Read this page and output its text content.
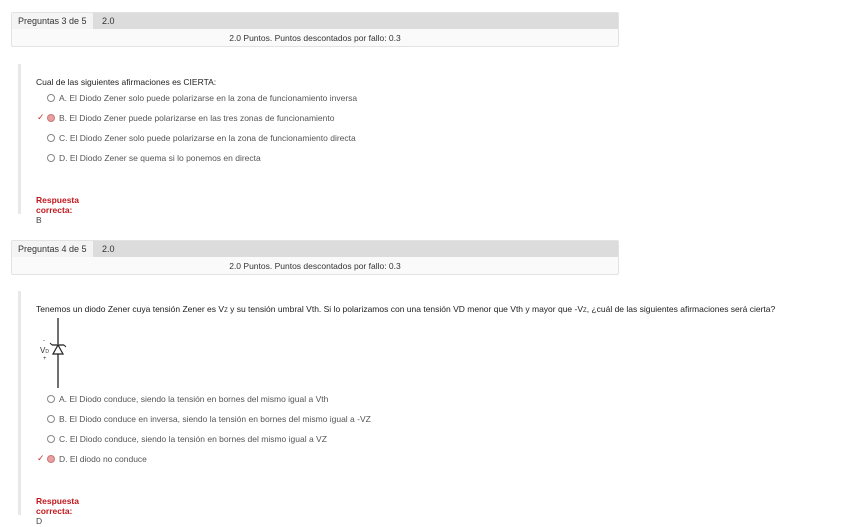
Preguntas 3 de 5	2.0
2.0 Puntos. Puntos descontados por fallo: 0.3
Cual de las siguientes afirmaciones es CIERTA:
A. El Diodo Zener solo puede polarizarse en la zona de funcionamiento inversa
✓ B. El Diodo Zener puede polarizarse en las tres zonas de funcionamiento
C. El Diodo Zener solo puede polarizarse en la zona de funcionamiento directa
D. El Diodo Zener se quema si lo ponemos en directa
Respuesta correcta: B
Preguntas 4 de 5	2.0
2.0 Puntos. Puntos descontados por fallo: 0.3
Tenemos un diodo Zener cuya tensión Zener es VZ y su tensión umbral Vth. Si lo polarizamos con una tensión VD menor que Vth y mayor que -VZ, ¿cuál de las siguientes afirmaciones será cierta?
-
VD
+
A. El Diodo conduce, siendo la tensión en bornes del mismo igual a Vth
B. El Diodo conduce en inversa, siendo la tensión en bornes del mismo igual a -VZ
C. El Diodo conduce, siendo la tensión en bornes del mismo igual a VZ
✓ D. El diodo no conduce
Respuesta correcta: D
